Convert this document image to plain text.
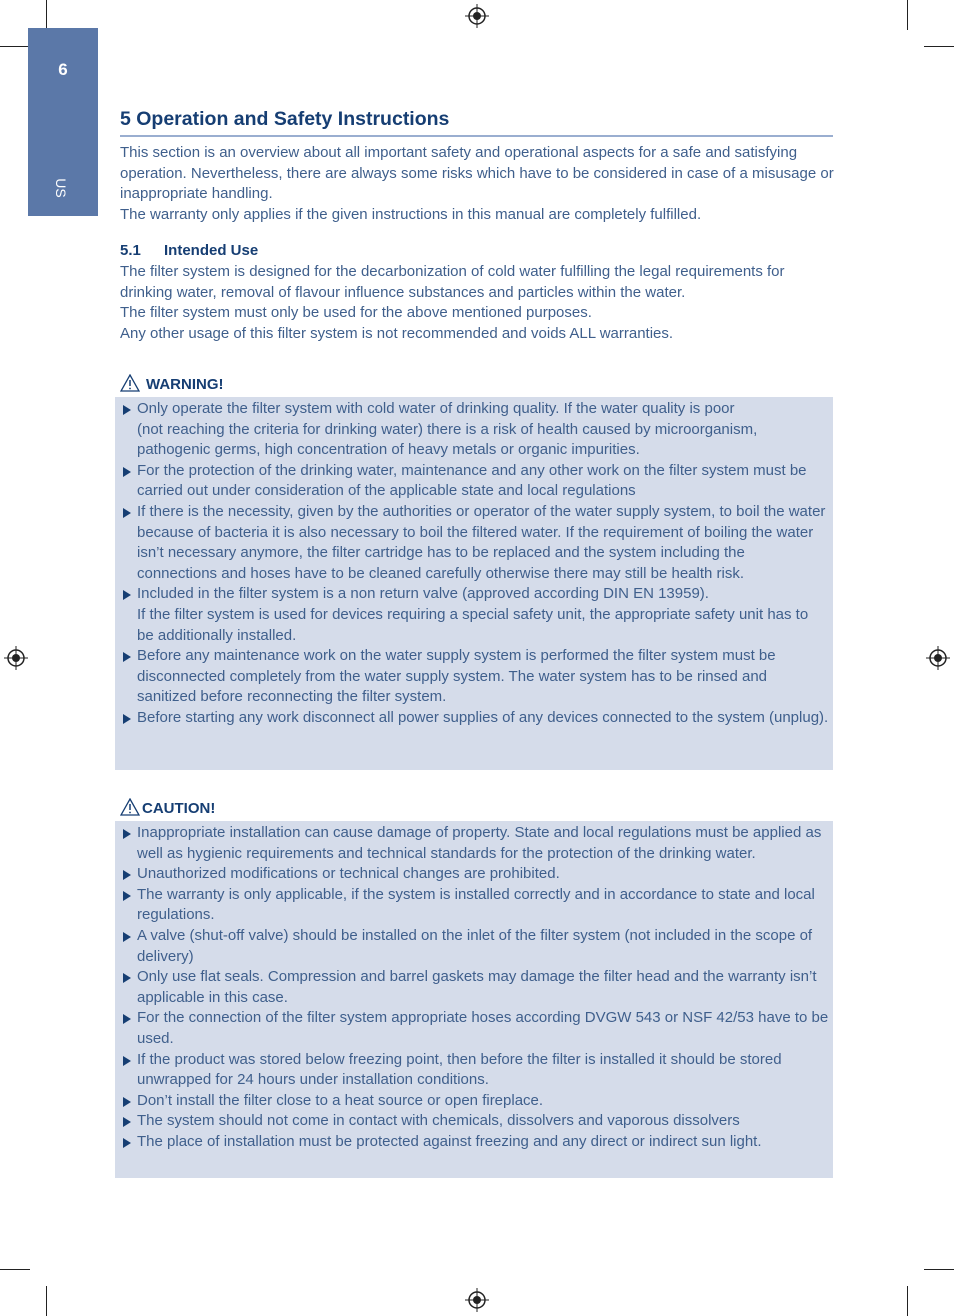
6
US
5 Operation and Safety Instructions

This section is an overview about all important safety and operational aspects for a safe and satisfying operation. Nevertheless, there are always some risks which have to be considered in case of a misusage or inappropriate handling.

The warranty only applies if the given instructions in this manual are completely fulfilled.

5.1 Intended Use

The filter system is designed for the decarbonization of cold water fulfilling the legal requirements for drinking water, removal of flavour influence substances and particles within the water.

The filter system must only be used for the above mentioned purposes.

Any other usage of this filter system is not recommended and voids ALL warranties.

WARNING!
Only operate the filter system with cold water of drinking quality. If the water quality is poor
(not reaching the criteria for drinking water) there is a risk of health caused by microorganism, pathogenic germs, high concentration of heavy metals or organic impurities.
For the protection of the drinking water, maintenance and any other work on the filter system must be carried out under consideration of the applicable state and local regulations
If there is the necessity, given by the authorities or operator of the water supply system, to boil the water because of bacteria it is also necessary to boil the filtered water. If the requirement of boiling the water isn’t necessary anymore, the filter cartridge has to be replaced and the system including the connections and hoses have to be cleaned carefully otherwise there may still be health risk.
Included in the filter system is a non return valve (approved according DIN EN 13959).
If the filter system is used for devices requiring a special safety unit, the appropriate safety unit has to be additionally installed.
Before any maintenance work on the water supply system is performed the filter system must be disconnected completely from the water supply system. The water system has to be rinsed and sanitized before reconnecting the filter system.
Before starting any work disconnect all power supplies of any devices connected to the system (unplug).
CAUTION!
Inappropriate installation can cause damage of property. State and local regulations must be applied as well as hygienic requirements and technical standards for the protection of the drinking water.
Unauthorized modifications or technical changes are prohibited.
The warranty is only applicable, if the system is installed correctly and in accordance to state and local regulations.
A valve (shut-off valve) should be installed on the inlet of the filter system (not included in the scope of delivery)
Only use flat seals. Compression and barrel gaskets may damage the filter head and the warranty isn’t applicable in this case.
For the connection of the filter system appropriate hoses according DVGW 543 or NSF 42/53 have to be used.
If the product was stored below freezing point, then before the filter is installed it should be stored unwrapped for 24 hours under installation conditions.
Don’t install the filter close to a heat source or open fireplace.
The system should not come in contact with chemicals, dissolvers and vaporous dissolvers
The place of installation must be protected against freezing and any direct or indirect sun light.
